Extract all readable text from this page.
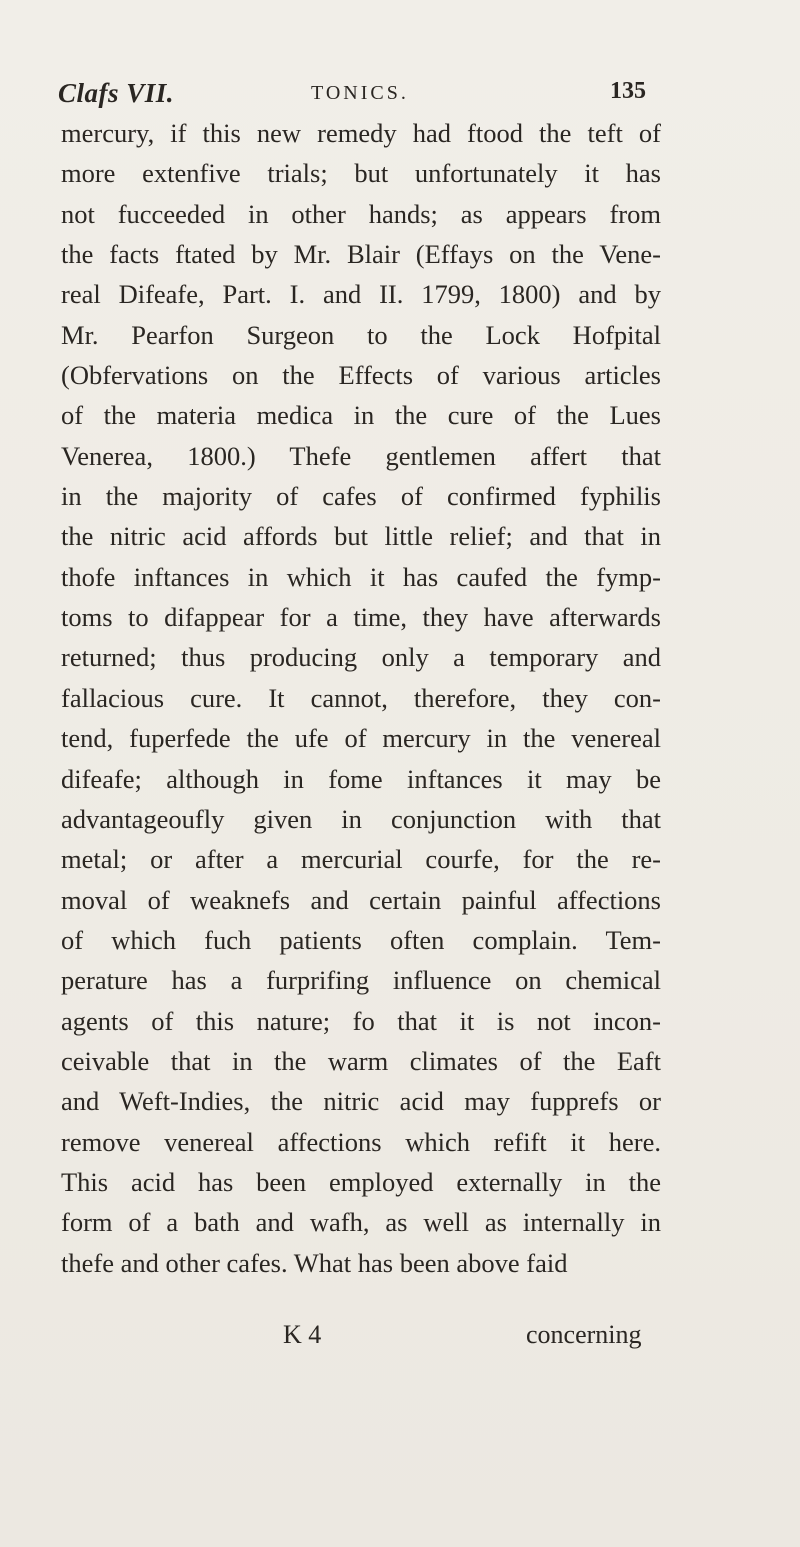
Clafs VII.	TONICS.	135
mercury, if this new remedy had ftood the teft of
more extenfive trials; but unfortunately it has
not fucceeded in other hands; as appears from
the facts ftated by Mr. Blair (Effays on the Vene-
real Difeafe, Part. I. and II. 1799, 1800) and by
Mr. Pearfon Surgeon to the Lock Hofpital
(Obfervations on the Effects of various articles
of the materia medica in the cure of the Lues
Venerea, 1800.) Thefe gentlemen affert that
in the majority of cafes of confirmed fyphilis
the nitric acid affords but little relief; and that in
thofe inftances in which it has caufed the fymp-
toms to difappear for a time, they have afterwards
returned; thus producing only a temporary and
fallacious cure. It cannot, therefore, they con-
tend, fuperfede the ufe of mercury in the venereal
difeafe; although in fome inftances it may be
advantageoufly given in conjunction with that
metal; or after a mercurial courfe, for the re-
moval of weaknefs and certain painful affections
of which fuch patients often complain. Tem-
perature has a furprifing influence on chemical
agents of this nature; fo that it is not incon-
ceivable that in the warm climates of the Eaft
and Weft-Indies, the nitric acid may fupprefs or
remove venereal affections which refift it here.
This acid has been employed externally in the
form of a bath and wafh, as well as internally in
thefe and other cafes. What has been above faid
K 4	concerning
